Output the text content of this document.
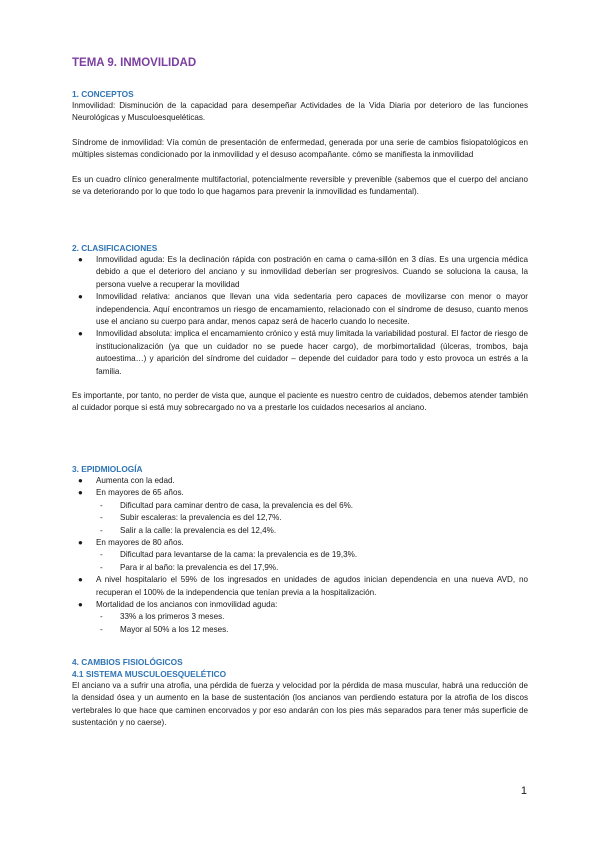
TEMA 9. INMOVILIDAD

1. CONCEPTOS

Inmovilidad: Disminución de la capacidad para desempeñar Actividades de la Vida Diaria por deterioro de las funciones Neurológicas y Musculoesqueléticas.

Síndrome de inmovilidad: Vía común de presentación de enfermedad, generada por una serie de cambios fisiopatológicos en múltiples sistemas condicionado por la inmovilidad y el desuso acompañante. cómo se manifiesta la inmovilidad

Es un cuadro clínico generalmente multifactorial, potencialmente reversible y prevenible (sabemos que el cuerpo del anciano se va deteriorando por lo que todo lo que hagamos para prevenir la inmovilidad es fundamental).

2. CLASIFICACIONES

● Inmovilidad aguda: Es la declinación rápida con postración en cama o cama-sillón en 3 días. Es una urgencia médica debido a que el deterioro del anciano y su inmovilidad deberían ser progresivos. Cuando se soluciona la causa, la persona vuelve a recuperar la movilidad
● Inmovilidad relativa: ancianos que llevan una vida sedentaria pero capaces de movilizarse con menor o mayor independencia. Aquí encontramos un riesgo de encamamiento, relacionado con el síndrome de desuso, cuanto menos use el anciano su cuerpo para andar, menos capaz será de hacerlo cuando lo necesite.
● Inmovilidad absoluta: implica el encamamiento crónico y está muy limitada la variabilidad postural. El factor de riesgo de institucionalización (ya que un cuidador no se puede hacer cargo), de morbimortalidad (úlceras, trombos, baja autoestima…) y aparición del síndrome del cuidador – depende del cuidador para todo y esto provoca un estrés a la familia.

Es importante, por tanto, no perder de vista que, aunque el paciente es nuestro centro de cuidados, debemos atender también al cuidador porque si está muy sobrecargado no va a prestarle los cuidados necesarios al anciano.

3. EPIDMIOLOGÍA

● Aumenta con la edad.
● En mayores de 65 años.
- Dificultad para caminar dentro de casa, la prevalencia es del 6%.
- Subir escaleras: la prevalencia es del 12,7%.
- Salir a la calle: la prevalencia es del 12,4%.
● En mayores de 80 años.
- Dificultad para levantarse de la cama: la prevalencia es de 19,3%.
- Para ir al baño: la prevalencia es del 17,9%.
● A nivel hospitalario el 59% de los ingresados en unidades de agudos inician dependencia en una nueva AVD, no recuperan el 100% de la independencia que tenían previa a la hospitalización.
● Mortalidad de los ancianos con inmovilidad aguda:
- 33% a los primeros 3 meses.
- Mayor al 50% a los 12 meses.

4. CAMBIOS FISIOLÓGICOS

4.1 SISTEMA MUSCULOESQUELÉTICO

El anciano va a sufrir una atrofia, una pérdida de fuerza y velocidad por la pérdida de masa muscular, habrá una reducción de la densidad ósea y un aumento en la base de sustentación (los ancianos van perdiendo estatura por la atrofia de los discos vertebrales lo que hace que caminen encorvados y por eso andarán con los pies más separados para tener más superficie de sustentación y no caerse).

1
